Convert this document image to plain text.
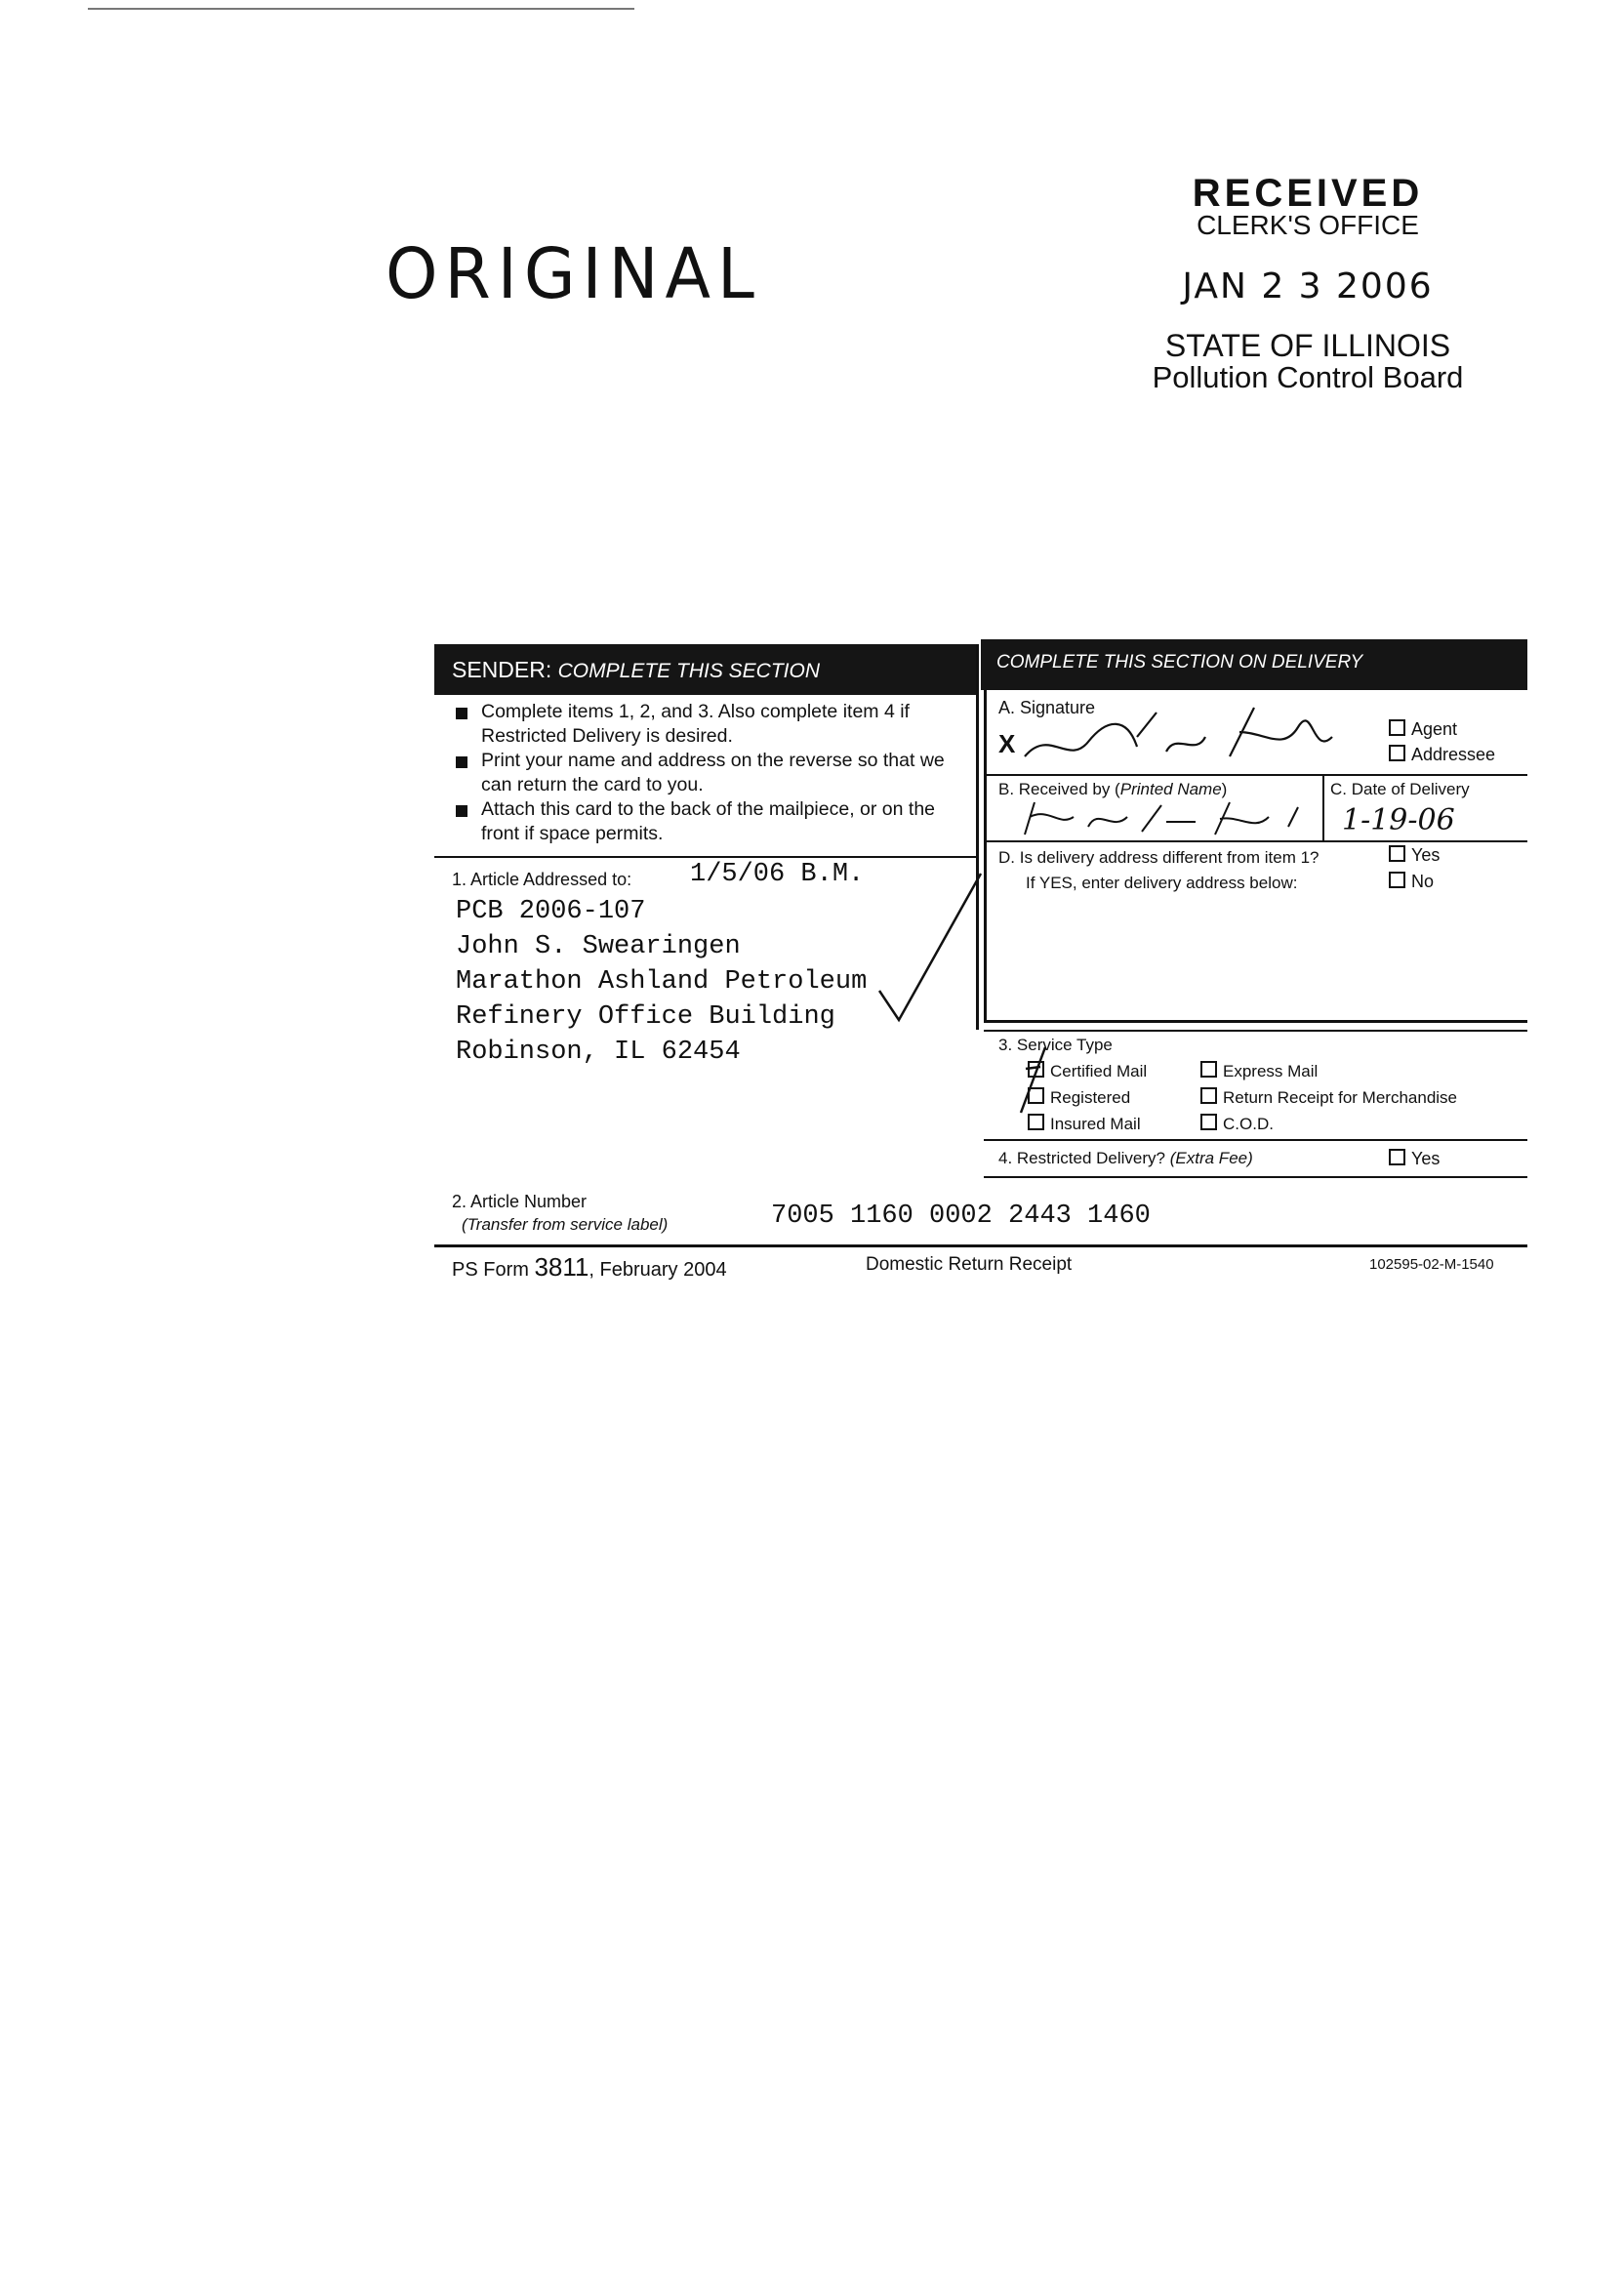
ORIGINAL
RECEIVED
CLERK'S OFFICE
JAN 2 3 2006
STATE OF ILLINOIS
Pollution Control Board
SENDER: COMPLETE THIS SECTION	COMPLETE THIS SECTION ON DELIVERY
Complete items 1, 2, and 3. Also complete item 4 if Restricted Delivery is desired.
Print your name and address on the reverse so that we can return the card to you.
Attach this card to the back of the mailpiece, or on the front if space permits.
1. Article Addressed to: 1/5/06 B.M.
PCB 2006-107
John S. Swearingen
Marathon Ashland Petroleum
Refinery Office Building
Robinson, IL 62454
2. Article Number
(Transfer from service label)	7005 1160 0002 2443 1460
A. Signature
X	Agent
Addressee
B. Received by (Printed Name)	C. Date of Delivery
1-19-06
D. Is delivery address different from item 1?
If YES, enter delivery address below:
Yes
No
3. Service Type
Certified Mail
Registered
Insured Mail
Express Mail
Return Receipt for Merchandise
C.O.D.
4. Restricted Delivery? (Extra Fee)	Yes
PS Form 3811, February 2004	Domestic Return Receipt	102595-02-M-1540
